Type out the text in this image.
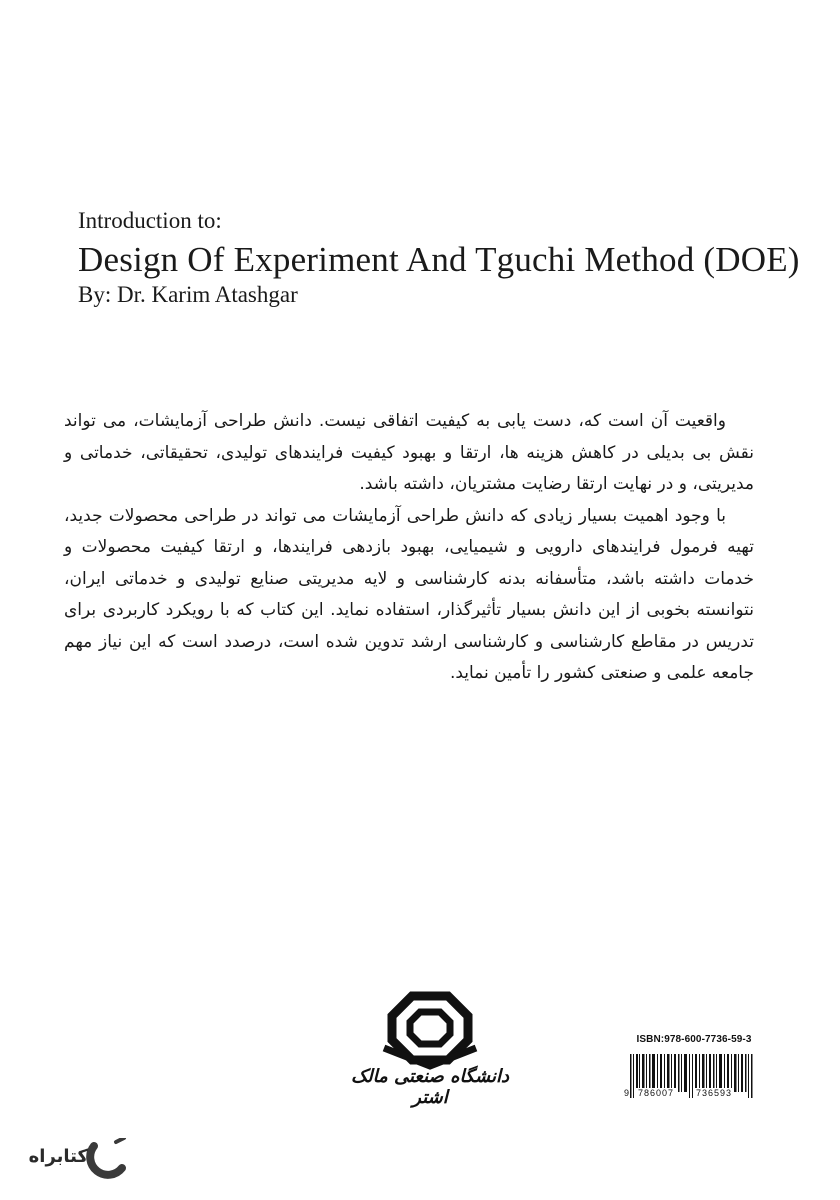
Introduction to:
Design Of Experiment And Tguchi Method (DOE)
By: Dr. Karim Atashgar

واقعیت آن است که، دست یابی به کیفیت اتفاقی نیست. دانش طراحی آزمایشات، می تواند نقش بی بدیلی در کاهش هزینه ها، ارتقا و بهبود کیفیت فرایندهای تولیدی، تحقیقاتی، خدماتی و مدیریتی، و در نهایت ارتقا رضایت مشتریان، داشته باشد.

با وجود اهمیت بسیار زیادی که دانش طراحی آزمایشات می تواند در طراحی محصولات جدید، تهیه فرمول فرایندهای دارویی و شیمیایی، بهبود بازدهی فرایندها، و ارتقا کیفیت محصولات و خدمات داشته باشد، متأسفانه بدنه کارشناسی و لایه مدیریتی صنایع تولیدی و خدماتی ایران، نتوانسته بخوبی از این دانش بسیار تأثیرگذار، استفاده نماید. این کتاب که با رویکرد کاربردی برای تدریس در مقاطع کارشناسی و کارشناسی ارشد تدوین شده است، درصدد است که این نیاز مهم جامعه علمی و صنعتی کشور را تأمین نماید.

دانشگاه صنعتی مالک اشتر
ISBN:978-600-7736-59-3
9 786007 736593
کتابراه
